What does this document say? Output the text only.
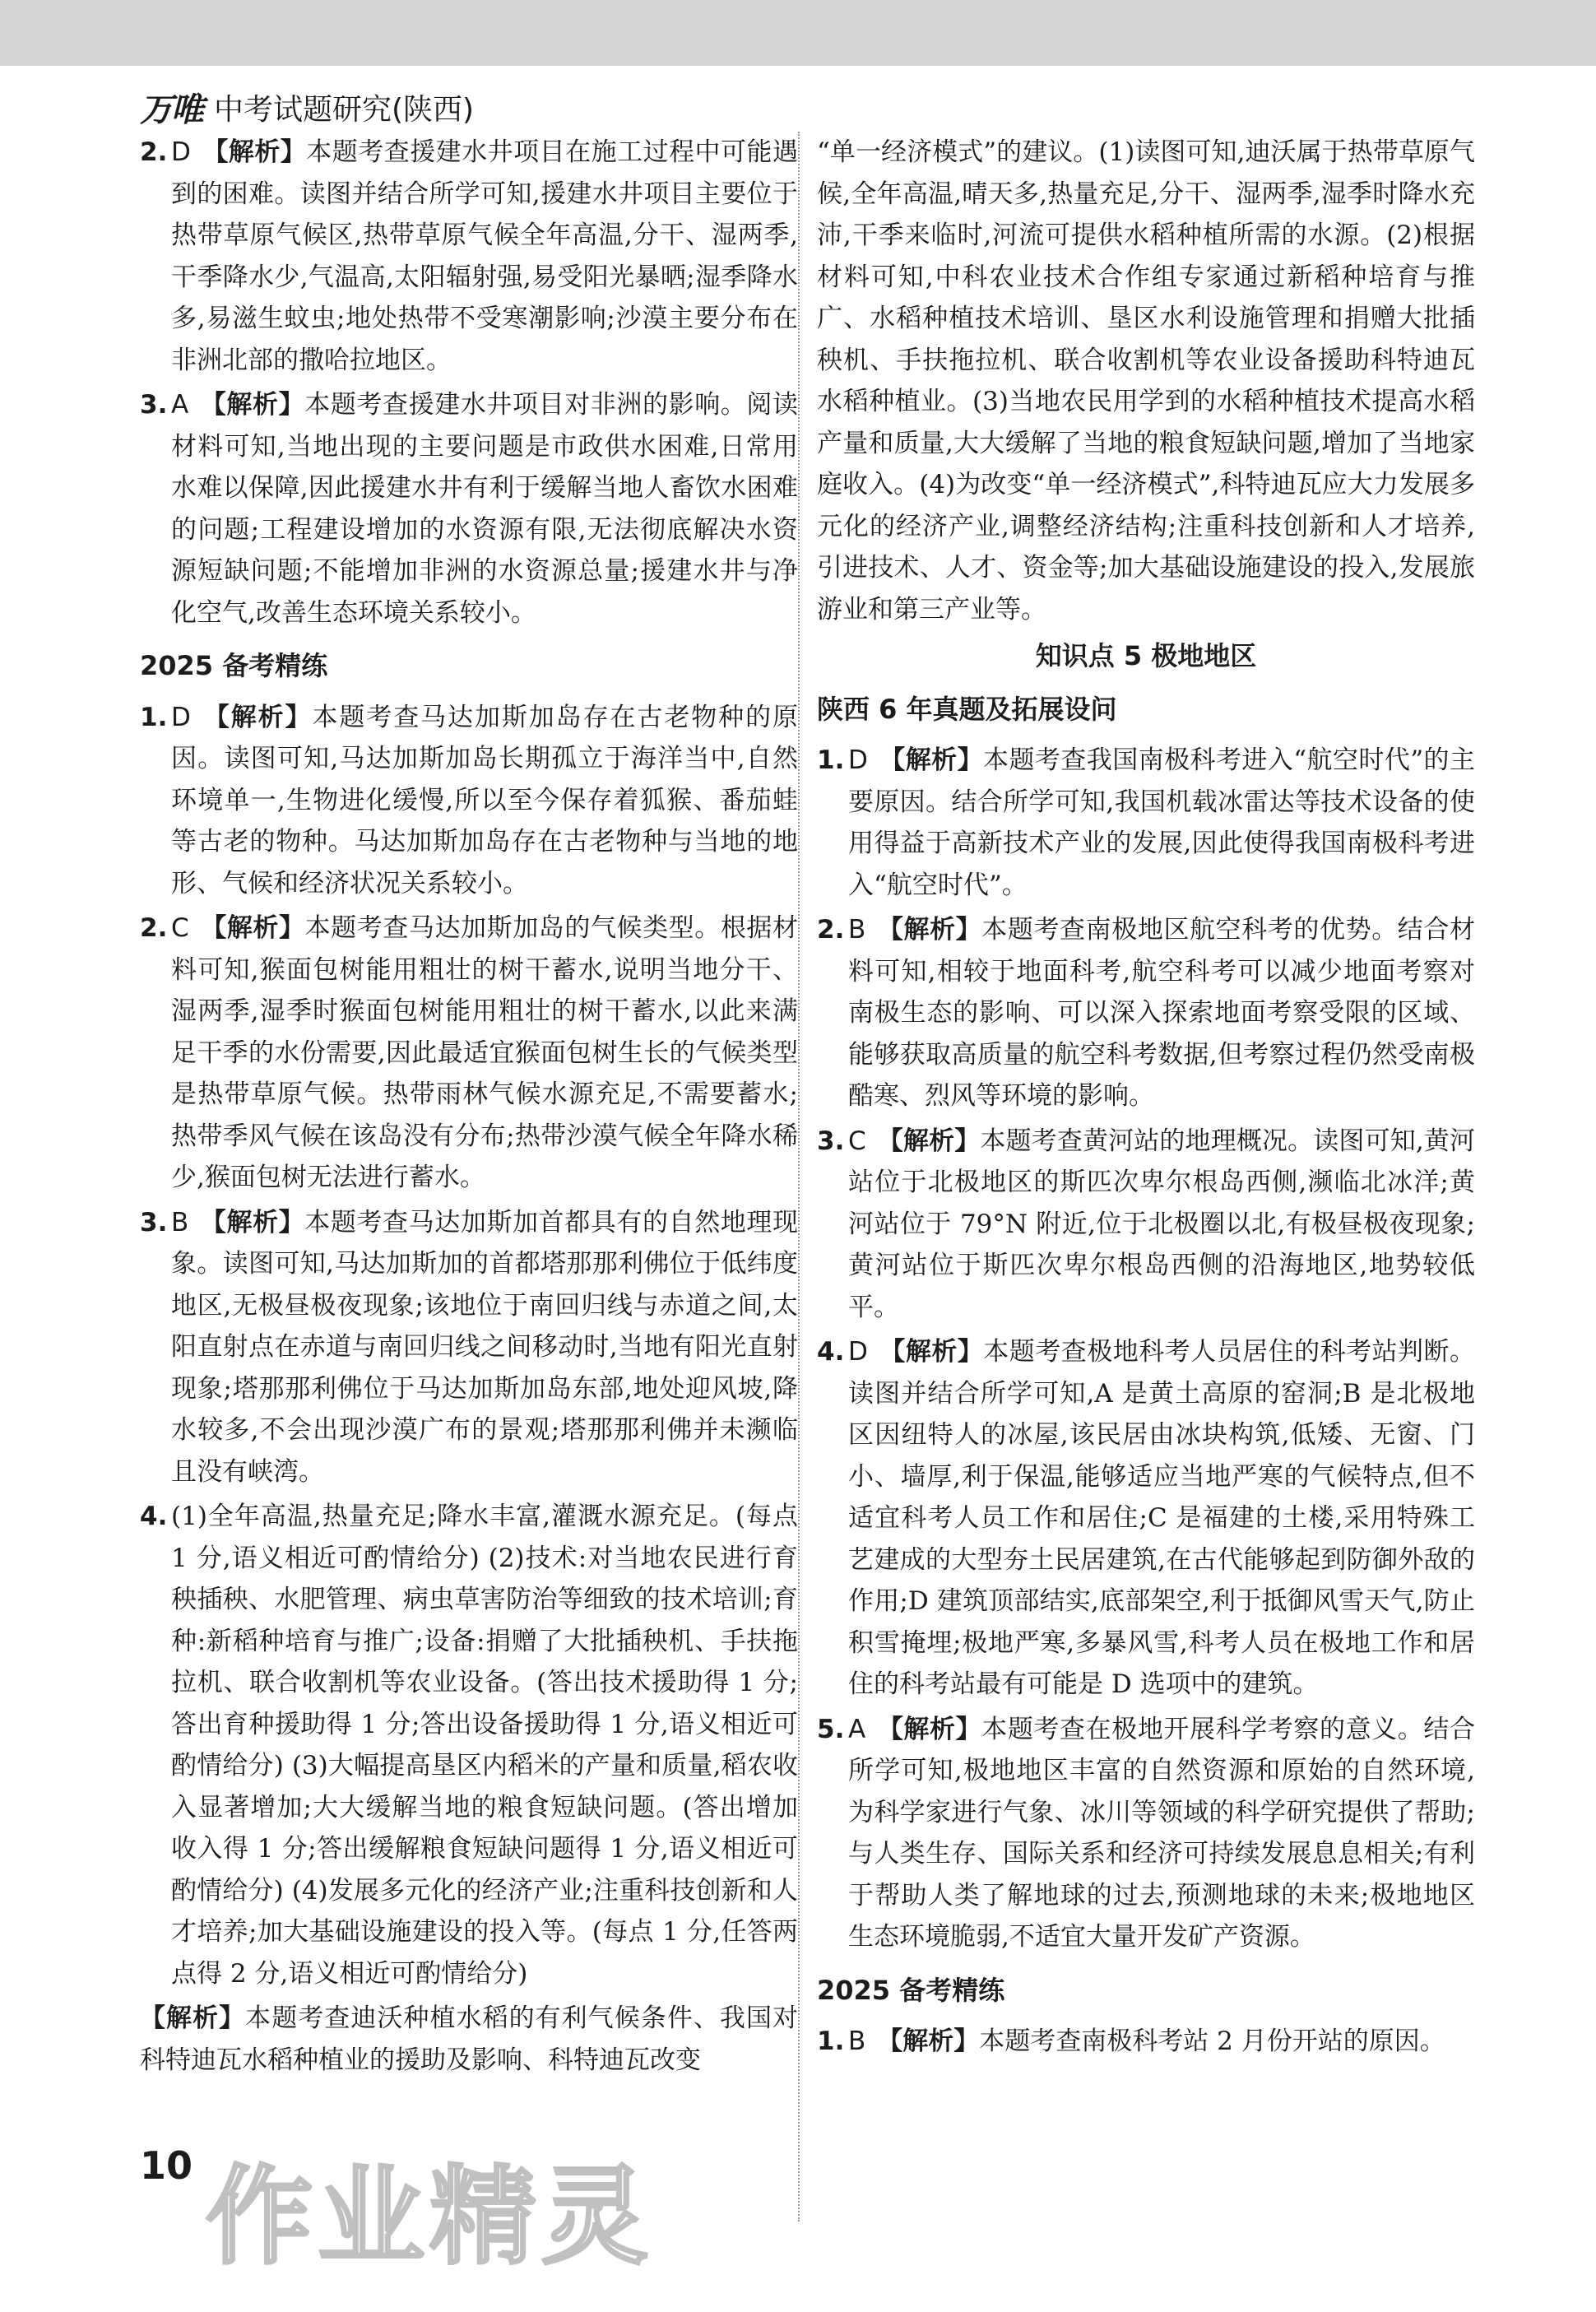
万唯 中考试题研究(陕西)
2. D 【解析】本题考查援建水井项目在施工过程中可能遇到的困难。读图并结合所学可知,援建水井项目主要位于热带草原气候区,热带草原气候全年高温,分干、湿两季,干季降水少,气温高,太阳辐射强,易受阳光暴晒;湿季降水多,易滋生蚊虫;地处热带不受寒潮影响;沙漠主要分布在非洲北部的撒哈拉地区。
3. A 【解析】本题考查援建水井项目对非洲的影响。阅读材料可知,当地出现的主要问题是市政供水困难,日常用水难以保障,因此援建水井有利于缓解当地人畜饮水困难的问题;工程建设增加的水资源有限,无法彻底解决水资源短缺问题;不能增加非洲的水资源总量;援建水井与净化空气,改善生态环境关系较小。
2025 备考精练
1. D 【解析】本题考查马达加斯加岛存在古老物种的原因。读图可知,马达加斯加岛长期孤立于海洋当中,自然环境单一,生物进化缓慢,所以至今保存着狐猴、番茄蛙等古老的物种。马达加斯加岛存在古老物种与当地的地形、气候和经济状况关系较小。
2. C 【解析】本题考查马达加斯加岛的气候类型。根据材料可知,猴面包树能用粗壮的树干蓄水,说明当地分干、湿两季,湿季时猴面包树能用粗壮的树干蓄水,以此来满足干季的水份需要,因此最适宜猴面包树生长的气候类型是热带草原气候。热带雨林气候水源充足,不需要蓄水;热带季风气候在该岛没有分布;热带沙漠气候全年降水稀少,猴面包树无法进行蓄水。
3. B 【解析】本题考查马达加斯加首都具有的自然地理现象。读图可知,马达加斯加的首都塔那那利佛位于低纬度地区,无极昼极夜现象;该地位于南回归线与赤道之间,太阳直射点在赤道与南回归线之间移动时,当地有阳光直射现象;塔那那利佛位于马达加斯加岛东部,地处迎风坡,降水较多,不会出现沙漠广布的景观;塔那那利佛并未濒临且没有峡湾。
4. (1)全年高温,热量充足;降水丰富,灌溉水源充足。(每点 1 分,语义相近可酌情给分) (2)技术:对当地农民进行育秧插秧、水肥管理、病虫草害防治等细致的技术培训;育种:新稻种培育与推广;设备:捐赠了大批插秧机、手扶拖拉机、联合收割机等农业设备。(答出技术援助得 1 分;答出育种援助得 1 分;答出设备援助得 1 分,语义相近可酌情给分) (3)大幅提高垦区内稻米的产量和质量,稻农收入显著增加;大大缓解当地的粮食短缺问题。(答出增加收入得 1 分;答出缓解粮食短缺问题得 1 分,语义相近可酌情给分) (4)发展多元化的经济产业;注重科技创新和人才培养;加大基础设施建设的投入等。(每点 1 分,任答两点得 2 分,语义相近可酌情给分)
【解析】本题考查迪沃种植水稻的有利气候条件、我国对科特迪瓦水稻种植业的援助及影响、科特迪瓦改变
“单一经济模式”的建议。(1)读图可知,迪沃属于热带草原气候,全年高温,晴天多,热量充足,分干、湿两季,湿季时降水充沛,干季来临时,河流可提供水稻种植所需的水源。(2)根据材料可知,中科农业技术合作组专家通过新稻种培育与推广、水稻种植技术培训、垦区水利设施管理和捐赠大批插秧机、手扶拖拉机、联合收割机等农业设备援助科特迪瓦水稻种植业。(3)当地农民用学到的水稻种植技术提高水稻产量和质量,大大缓解了当地的粮食短缺问题,增加了当地家庭收入。(4)为改变“单一经济模式”,科特迪瓦应大力发展多元化的经济产业,调整经济结构;注重科技创新和人才培养,引进技术、人才、资金等;加大基础设施建设的投入,发展旅游业和第三产业等。
知识点 5 极地地区
陕西 6 年真题及拓展设问
1. D 【解析】本题考查我国南极科考进入“航空时代”的主要原因。结合所学可知,我国机载冰雷达等技术设备的使用得益于高新技术产业的发展,因此使得我国南极科考进入“航空时代”。
2. B 【解析】本题考查南极地区航空科考的优势。结合材料可知,相较于地面科考,航空科考可以减少地面考察对南极生态的影响、可以深入探索地面考察受限的区域、能够获取高质量的航空科考数据,但考察过程仍然受南极酷寒、烈风等环境的影响。
3. C 【解析】本题考查黄河站的地理概况。读图可知,黄河站位于北极地区的斯匹次卑尔根岛西侧,濒临北冰洋;黄河站位于 79°N 附近,位于北极圈以北,有极昼极夜现象;黄河站位于斯匹次卑尔根岛西侧的沿海地区,地势较低平。
4. D 【解析】本题考查极地科考人员居住的科考站判断。读图并结合所学可知,A 是黄土高原的窑洞;B 是北极地区因纽特人的冰屋,该民居由冰块构筑,低矮、无窗、门小、墙厚,利于保温,能够适应当地严寒的气候特点,但不适宜科考人员工作和居住;C 是福建的土楼,采用特殊工艺建成的大型夯土民居建筑,在古代能够起到防御外敌的作用;D 建筑顶部结实,底部架空,利于抵御风雪天气,防止积雪掩埋;极地严寒,多暴风雪,科考人员在极地工作和居住的科考站最有可能是 D 选项中的建筑。
5. A 【解析】本题考查在极地开展科学考察的意义。结合所学可知,极地地区丰富的自然资源和原始的自然环境,为科学家进行气象、冰川等领域的科学研究提供了帮助;与人类生存、国际关系和经济可持续发展息息相关;有利于帮助人类了解地球的过去,预测地球的未来;极地地区生态环境脆弱,不适宜大量开发矿产资源。
2025 备考精练
1. B 【解析】本题考查南极科考站 2 月份开站的原因。
作业精灵
10
